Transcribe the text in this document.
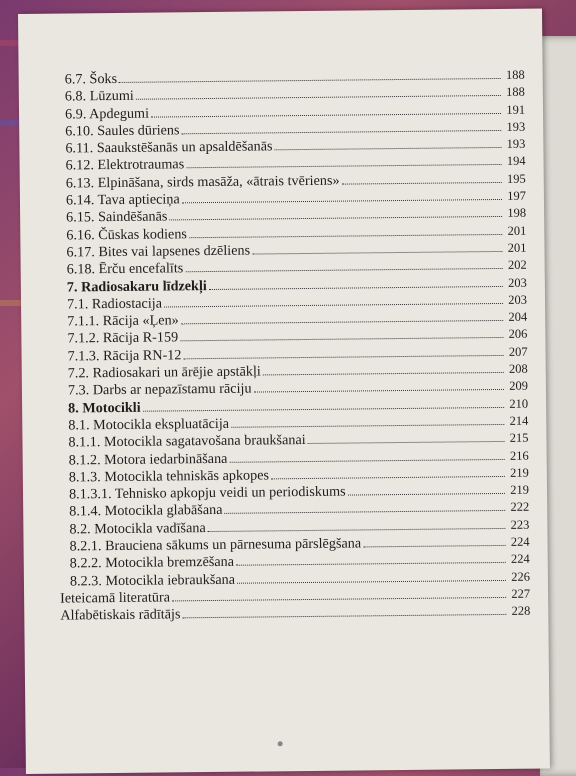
6.7. Šoks	188
6.8. Lūzumi	188
6.9. Apdegumi	191
6.10. Saules dūriens	193
6.11. Saaukstēšanās un apsaldēšanās	193
6.12. Elektrotraumas	194
6.13. Elpināšana, sirds masāža, «ātrais tvēriens»	195
6.14. Tava aptieciņa	197
6.15. Saindēšanās	198
6.16. Čūskas kodiens	201
6.17. Bites vai lapsenes dzēliens	201
6.18. Ērču encefalīts	202
7. Radiosakaru līdzekļi	203
7.1. Radiostacija	203
7.1.1. Rācija «Ļen»	204
7.1.2. Rācija R-159	206
7.1.3. Rācija RN-12	207
7.2. Radiosakari un ārējie apstākļi	208
7.3. Darbs ar nepazīstamu rāciju	209
8. Motocikli	210
8.1. Motocikla ekspluatācija	214
8.1.1. Motocikla sagatavošana braukšanai	215
8.1.2. Motora iedarbināšana	216
8.1.3. Motocikla tehniskās apkopes	219
8.1.3.1. Tehnisko apkopju veidi un periodiskums	219
8.1.4. Motocikla glabāšana	222
8.2. Motocikla vadīšana	223
8.2.1. Brauciena sākums un pārnesuma pārslēgšana	224
8.2.2. Motocikla bremzēšana	224
8.2.3. Motocikla iebraukšana	226
Ieteicamā literatūra	227
Alfabētiskais rādītājs	228
